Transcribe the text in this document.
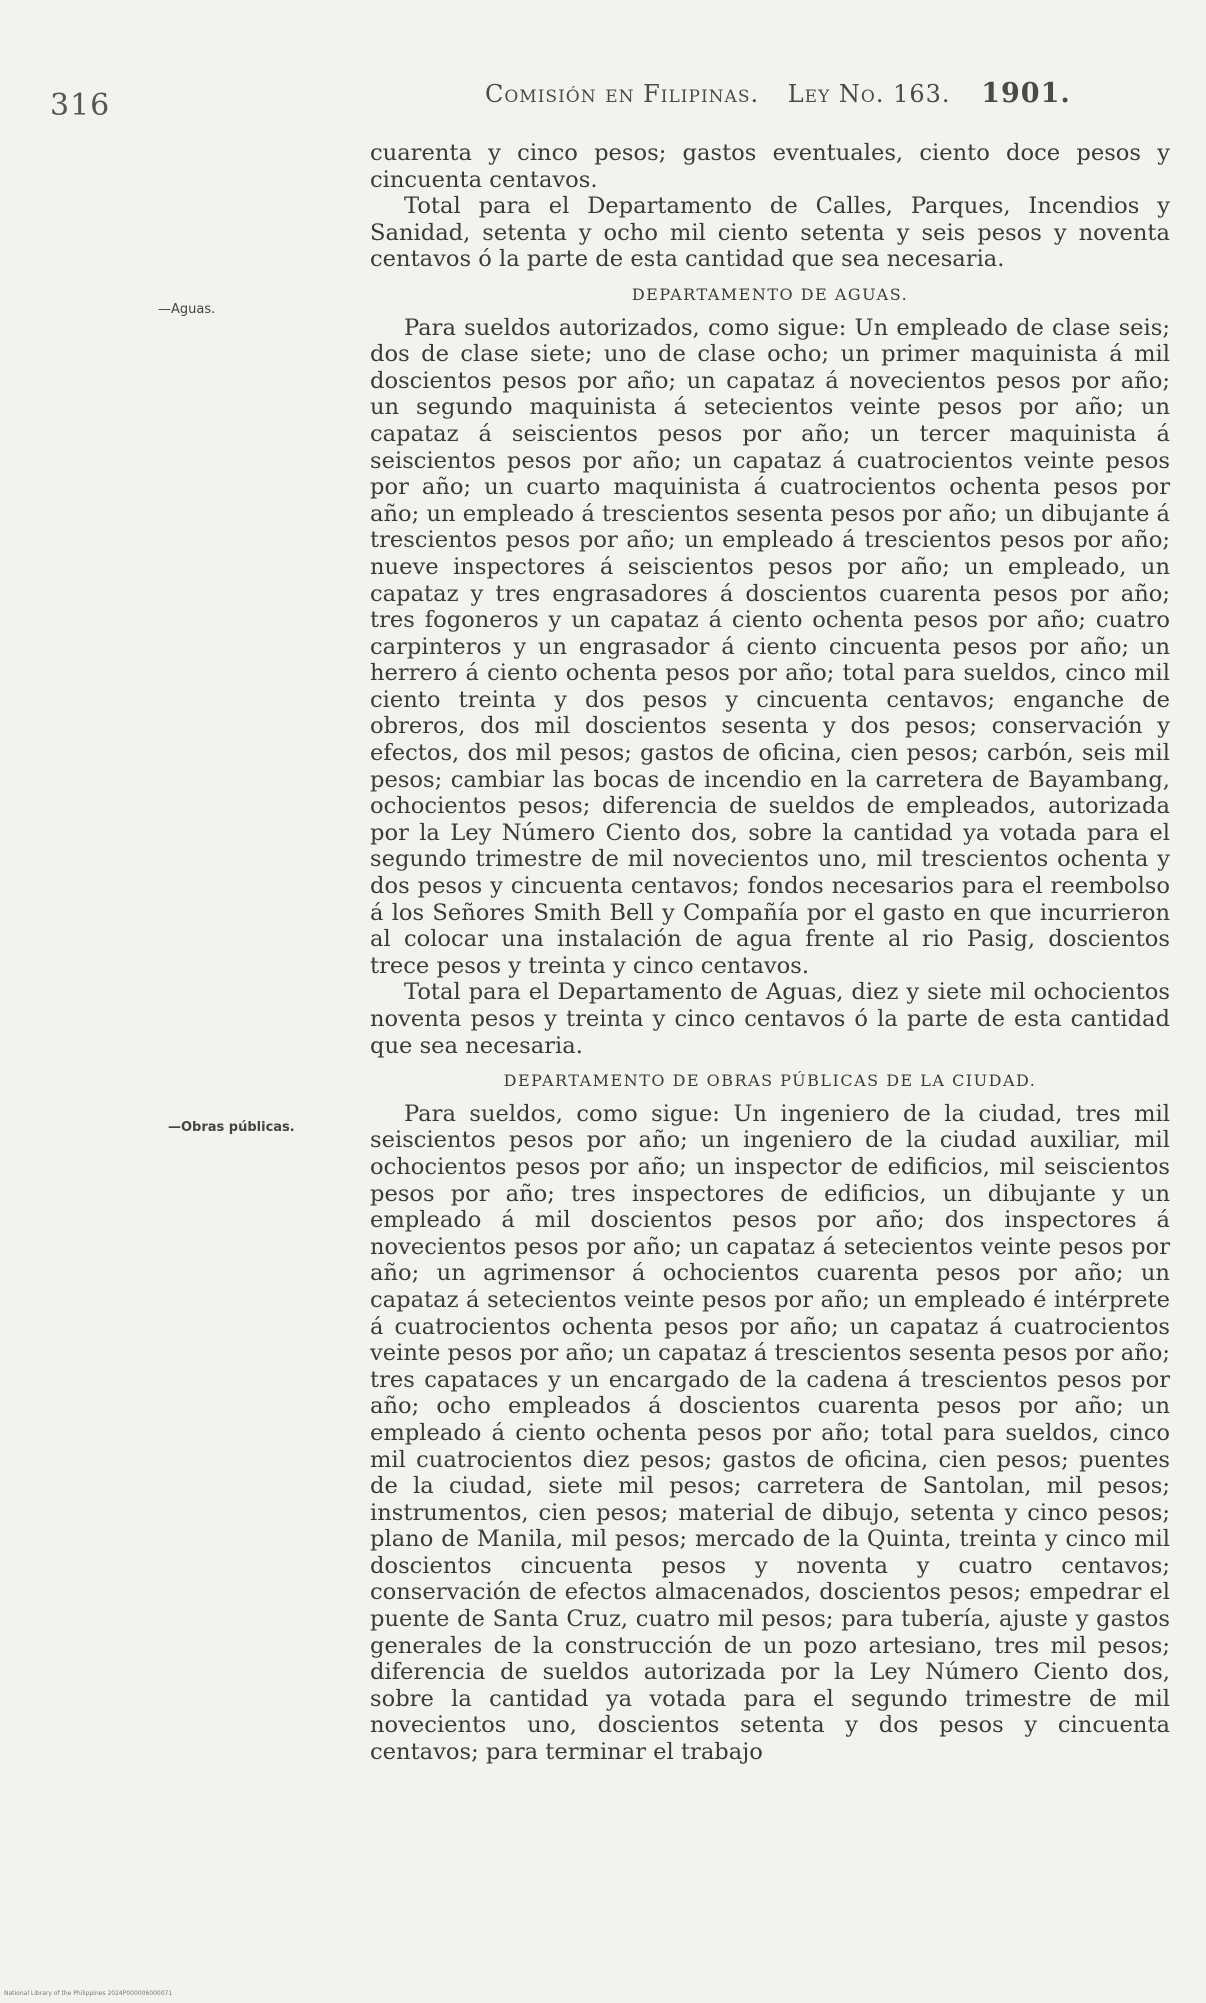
316	Comisión en Filipinas. Ley No. 163. 1901.
—Aguas.
—Obras públicas.

cuarenta y cinco pesos; gastos eventuales, ciento doce pesos y cincuenta centavos.

Total para el Departamento de Calles, Parques, Incendios y Sanidad, setenta y ocho mil ciento setenta y seis pesos y noventa centavos ó la parte de esta cantidad que sea necesaria.

DEPARTAMENTO DE AGUAS.

Para sueldos autorizados, como sigue: Un empleado de clase seis; dos de clase siete; uno de clase ocho; un primer maquinista á mil doscientos pesos por año; un capataz á novecientos pesos por año; un segundo maquinista á setecientos veinte pesos por año; un capataz á seiscientos pesos por año; un tercer maquinista á seiscientos pesos por año; un capataz á cuatrocientos veinte pesos por año; un cuarto maquinista á cuatrocientos ochenta pesos por año; un empleado á trescientos sesenta pesos por año; un dibujante á trescientos pesos por año; un empleado á trescientos pesos por año; nueve inspectores á seiscientos pesos por año; un empleado, un capataz y tres engrasadores á doscientos cuarenta pesos por año; tres fogoneros y un capataz á ciento ochenta pesos por año; cuatro carpinteros y un engrasador á ciento cincuenta pesos por año; un herrero á ciento ochenta pesos por año; total para sueldos, cinco mil ciento treinta y dos pesos y cincuenta centavos; enganche de obreros, dos mil doscientos sesenta y dos pesos; conservación y efectos, dos mil pesos; gastos de oficina, cien pesos; carbón, seis mil pesos; cambiar las bocas de incendio en la carretera de Bayambang, ochocientos pesos; diferencia de sueldos de empleados, autorizada por la Ley Número Ciento dos, sobre la cantidad ya votada para el segundo trimestre de mil novecientos uno, mil trescientos ochenta y dos pesos y cincuenta centavos; fondos necesarios para el reembolso á los Señores Smith Bell y Compañía por el gasto en que incurrieron al colocar una instalación de agua frente al rio Pasig, doscientos trece pesos y treinta y cinco centavos.

Total para el Departamento de Aguas, diez y siete mil ochocientos noventa pesos y treinta y cinco centavos ó la parte de esta cantidad que sea necesaria.

DEPARTAMENTO DE OBRAS PÚBLICAS DE LA CIUDAD.

Para sueldos, como sigue: Un ingeniero de la ciudad, tres mil seiscientos pesos por año; un ingeniero de la ciudad auxiliar, mil ochocientos pesos por año; un inspector de edificios, mil seiscientos pesos por año; tres inspectores de edificios, un dibujante y un empleado á mil doscientos pesos por año; dos inspectores á novecientos pesos por año; un capataz á setecientos veinte pesos por año; un agrimensor á ochocientos cuarenta pesos por año; un capataz á setecientos veinte pesos por año; un empleado é intérprete á cuatrocientos ochenta pesos por año; un capataz á cuatrocientos veinte pesos por año; un capataz á trescientos sesenta pesos por año; tres capataces y un encargado de la cadena á trescientos pesos por año; ocho empleados á doscientos cuarenta pesos por año; un empleado á ciento ochenta pesos por año; total para sueldos, cinco mil cuatrocientos diez pesos; gastos de oficina, cien pesos; puentes de la ciudad, siete mil pesos; carretera de Santolan, mil pesos; instrumentos, cien pesos; material de dibujo, setenta y cinco pesos; plano de Manila, mil pesos; mercado de la Quinta, treinta y cinco mil doscientos cincuenta pesos y noventa y cuatro centavos; conservación de efectos almacenados, doscientos pesos; empedrar el puente de Santa Cruz, cuatro mil pesos; para tubería, ajuste y gastos generales de la construcción de un pozo artesiano, tres mil pesos; diferencia de sueldos autorizada por la Ley Número Ciento dos, sobre la cantidad ya votada para el segundo trimestre de mil novecientos uno, doscientos setenta y dos pesos y cincuenta centavos; para terminar el trabajo

National Library of the Philippines 2024P000006000071
